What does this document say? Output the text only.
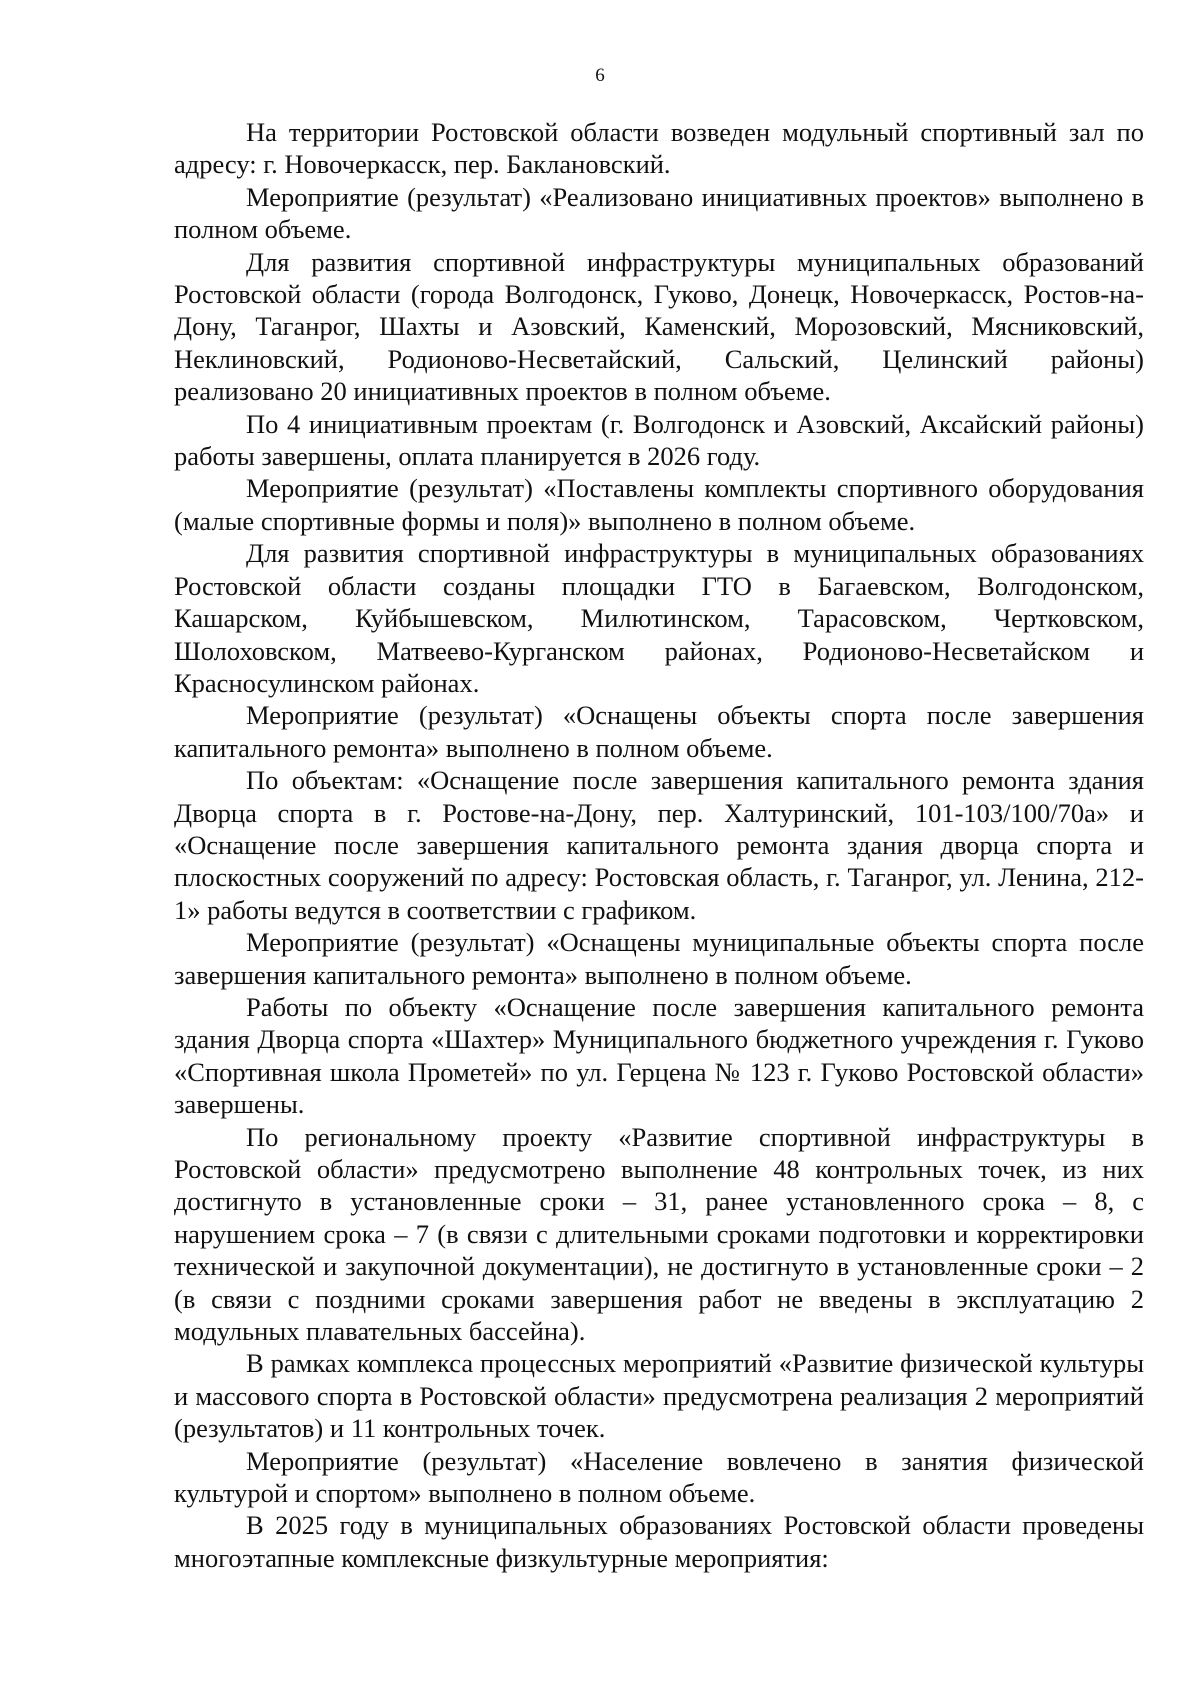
6

На территории Ростовской области возведен модульный спортивный зал по адресу: г. Новочеркасск, пер. Баклановский.

Мероприятие (результат) «Реализовано инициативных проектов» выполнено в полном объеме.

Для развития спортивной инфраструктуры муниципальных образований Ростовской области (города Волгодонск, Гуково, Донецк, Новочеркасск, Ростов-на-Дону, Таганрог, Шахты и Азовский, Каменский, Морозовский, Мясниковский, Неклиновский, Родионово-Несветайский, Сальский, Целинский районы) реализовано 20 инициативных проектов в полном объеме.

По 4 инициативным проектам (г. Волгодонск и Азовский, Аксайский районы) работы завершены, оплата планируется в 2026 году.

Мероприятие (результат) «Поставлены комплекты спортивного оборудования (малые спортивные формы и поля)» выполнено в полном объеме.

Для развития спортивной инфраструктуры в муниципальных образованиях Ростовской области созданы площадки ГТО в Багаевском, Волгодонском, Кашарском, Куйбышевском, Милютинском, Тарасовском, Чертковском, Шолоховском, Матвеево-Курганском районах, Родионово-Несветайском и Красносулинском районах.

Мероприятие (результат) «Оснащены объекты спорта после завершения капитального ремонта» выполнено в полном объеме.

По объектам: «Оснащение после завершения капитального ремонта здания Дворца спорта в г. Ростове-на-Дону, пер. Халтуринский, 101-103/100/70а» и «Оснащение после завершения капитального ремонта здания дворца спорта и плоскостных сооружений по адресу: Ростовская область, г. Таганрог, ул. Ленина, 212-1» работы ведутся в соответствии с графиком.

Мероприятие (результат) «Оснащены муниципальные объекты спорта после завершения капитального ремонта» выполнено в полном объеме.

Работы по объекту «Оснащение после завершения капитального ремонта здания Дворца спорта «Шахтер» Муниципального бюджетного учреждения г. Гуково «Спортивная школа Прометей» по ул. Герцена № 123 г. Гуково Ростовской области» завершены.

По региональному проекту «Развитие спортивной инфраструктуры в Ростовской области» предусмотрено выполнение 48 контрольных точек, из них достигнуто в установленные сроки – 31, ранее установленного срока – 8, с нарушением срока – 7 (в связи с длительными сроками подготовки и корректировки технической и закупочной документации), не достигнуто в установленные сроки – 2 (в связи с поздними сроками завершения работ не введены в эксплуатацию 2 модульных плавательных бассейна).

В рамках комплекса процессных мероприятий «Развитие физической культуры и массового спорта в Ростовской области» предусмотрена реализация 2 мероприятий (результатов) и 11 контрольных точек.

Мероприятие (результат) «Население вовлечено в занятия физической культурой и спортом» выполнено в полном объеме.

В 2025 году в муниципальных образованиях Ростовской области проведены многоэтапные комплексные физкультурные мероприятия:
